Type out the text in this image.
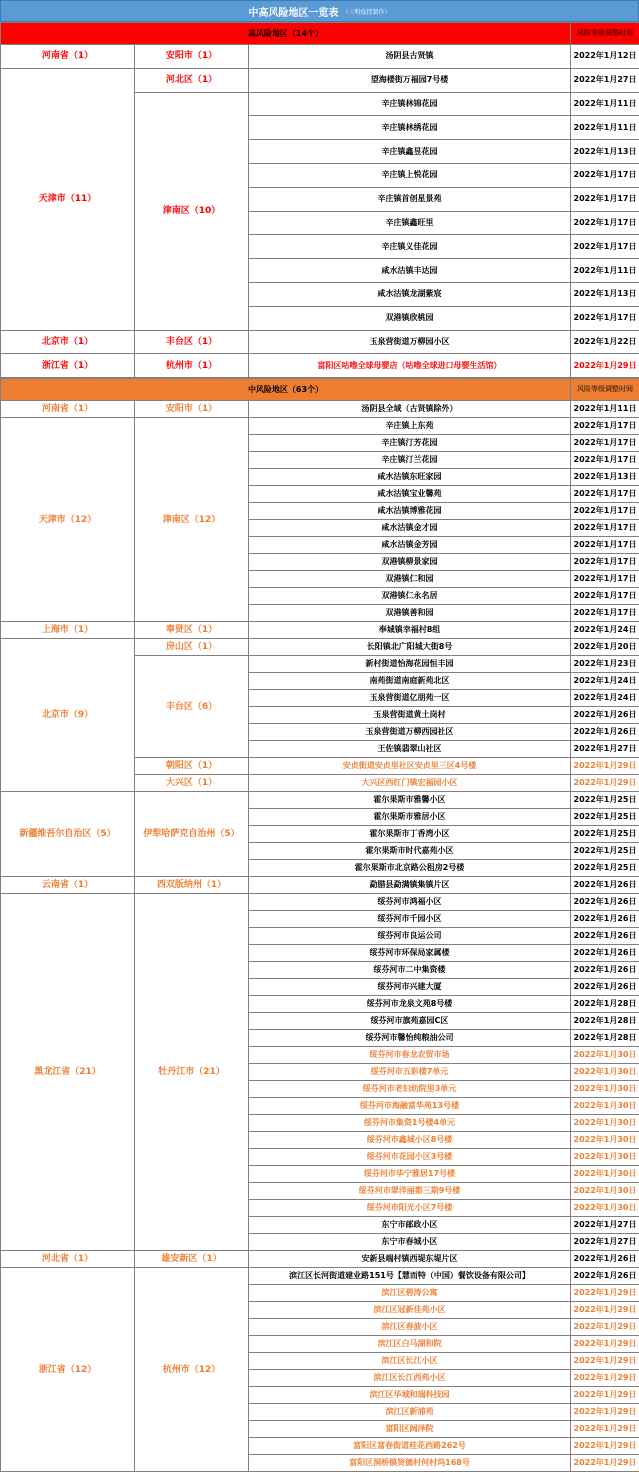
中高风险地区一览表 （三明疫控制作）
高风险地区（14个）			风险等级调整时间
河南省（1）	安阳市（1）	汤阴县古贤镇	2022年1月12日
天津市（11）	河北区（1）	望海楼街万福园7号楼	2022年1月27日
	津南区（10）	辛庄镇林锦花园	2022年1月11日
		辛庄镇林绣花园	2022年1月11日
		辛庄镇鑫昱花园	2022年1月13日
		辛庄镇上悦花园	2022年1月17日
		辛庄镇首创星景苑	2022年1月17日
		辛庄镇鑫旺里	2022年1月17日
		辛庄镇义佳花园	2022年1月17日
		咸水沽镇丰达园	2022年1月11日
		咸水沽镇龙湖紫宸	2022年1月13日
		双港镇欣桃园	2022年1月17日
北京市（1）	丰台区（1）	玉泉营街道万柳园小区	2022年1月22日
浙江省（1）	杭州市（1）	富阳区咕噜全球母婴店（咕噜全球进口母婴生活馆）	2022年1月29日
中风险地区（63个）			风险等级调整时间
河南省（1）	安阳市（1）	汤阴县全域（古贤镇除外）	2022年1月11日
天津市（12）	津南区（12）	辛庄镇上东苑	2022年1月17日
		辛庄镇汀芳花园	2022年1月17日
		辛庄镇汀兰花园	2022年1月17日
		咸水沽镇东旺家园	2022年1月13日
		咸水沽镇宝业馨苑	2022年1月17日
		咸水沽镇博雅花园	2022年1月17日
		咸水沽镇金才园	2022年1月17日
		咸水沽镇金芳园	2022年1月17日
		双港镇柳景家园	2022年1月17日
		双港镇仁和园	2022年1月17日
		双港镇仁永名居	2022年1月17日
		双港镇善和园	2022年1月17日
上海市（1）	奉贤区（1）	奉城镇幸福村8组	2022年1月24日
北京市（9）	房山区（1）	长阳镇北广阳城大街8号	2022年1月20日
	丰台区（6）	新村街道怡海花园恒丰园	2022年1月23日
		南苑街道南庭新苑北区	2022年1月24日
		玉泉营街道亿朋苑一区	2022年1月24日
		玉泉营街道黄土岗村	2022年1月26日
		玉泉营街道万柳西园社区	2022年1月26日
		王佐镇翡翠山社区	2022年1月27日
	朝阳区（1）	安贞街道安贞里社区安贞里三区4号楼	2022年1月29日
	大兴区（1）	大兴区西红门镇宏福园小区	2022年1月29日
新疆维吾尔自治区（5）	伊犁哈萨克自治州（5）	霍尔果斯市雅馨小区	2022年1月25日
		霍尔果斯市雅居小区	2022年1月25日
		霍尔果斯市丁香湾小区	2022年1月25日
		霍尔果斯市时代嘉苑小区	2022年1月25日
		霍尔果斯市北京路公租房2号楼	2022年1月25日
云南省（1）	西双版纳州（1）	勐腊县勐满镇集镇片区	2022年1月26日
黑龙江省（21）	牡丹江市（21）	绥芬河市鸿福小区	2022年1月26日
		绥芬河市千园小区	2022年1月26日
		绥芬河市良运公司	2022年1月26日
		绥芬河市环保局家属楼	2022年1月26日
		绥芬河市二中集资楼	2022年1月26日
		绥芬河市兴建大厦	2022年1月26日
		绥芬河市龙泉文苑8号楼	2022年1月28日
		绥芬河市旗苑嘉园C区	2022年1月28日
		绥芬河市馨怡纯粮油公司	2022年1月28日
		绥芬河市春龙农贸市场	2022年1月30日
		绥芬河市五彩楼7单元	2022年1月30日
		绥芬河市老妇幼院里3单元	2022年1月30日
		绥芬河市海融富华苑13号楼	2022年1月30日
		绥芬河市集资1号楼4单元	2022年1月30日
		绥芬河市鑫城小区8号楼	2022年1月30日
		绥芬河市花园小区3号楼	2022年1月30日
		绥芬河市华宁雅居17号楼	2022年1月30日
		绥芬河市翠洋丽都三期9号楼	2022年1月30日
		绥芬河市阳光小区7号楼	2022年1月30日
		东宁市邮政小区	2022年1月27日
		东宁市春城小区	2022年1月27日
河北省（1）	雄安新区（1）	安新县端村镇西堤东堤片区	2022年1月26日
浙江省（12）	杭州市（12）	滨江区长河街道建业路151号【慧而特（中国）餐饮设备有限公司】	2022年1月26日
		滨江区碧涛公寓	2022年1月29日
		滨江区冠新佳苑小区	2022年1月29日
		滨江区春波小区	2022年1月29日
		滨江区白马湖和院	2022年1月29日
		滨江区长江小区	2022年1月29日
		滨江区长江西苑小区	2022年1月29日
		滨江区华城和瑞科技园	2022年1月29日
		滨江区新浦苑	2022年1月29日
		富阳区阔泽院	2022年1月29日
		富阳区富春街道桂花西路262号	2022年1月29日
		富阳区洞桥镇贤德村何村坞168号	2022年1月29日
